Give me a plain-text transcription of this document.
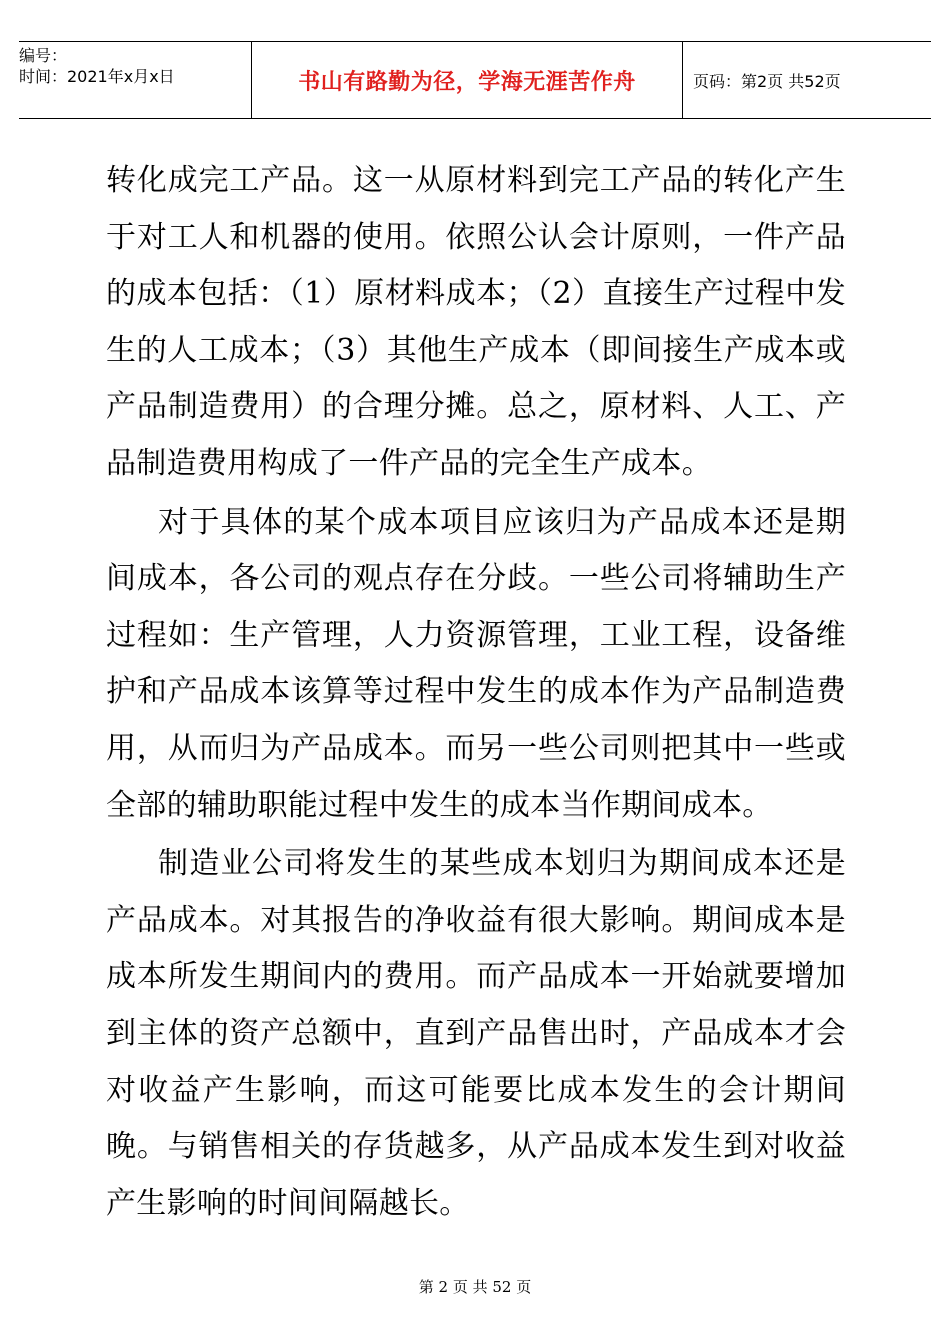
编号：
时间：2021年x月x日	书山有路勤为径，学海无涯苦作舟	页码：第2页 共52页

转化成完工产品。这一从原材料到完工产品的转化产生于对工人和机器的使用。依照公认会计原则，一件产品的成本包括：（1）原材料成本；（2）直接生产过程中发生的人工成本；（3）其他生产成本（即间接生产成本或产品制造费用）的合理分摊。总之，原材料、人工、产品制造费用构成了一件产品的完全生产成本。

对于具体的某个成本项目应该归为产品成本还是期间成本，各公司的观点存在分歧。一些公司将辅助生产过程如：生产管理，人力资源管理，工业工程，设备维护和产品成本该算等过程中发生的成本作为产品制造费用，从而归为产品成本。而另一些公司则把其中一些或全部的辅助职能过程中发生的成本当作期间成本。

制造业公司将发生的某些成本划归为期间成本还是产品成本。对其报告的净收益有很大影响。期间成本是成本所发生期间内的费用。而产品成本一开始就要增加到主体的资产总额中，直到产品售出时，产品成本才会对收益产生影响，而这可能要比成本发生的会计期间晚。与销售相关的存货越多，从产品成本发生到对收益产生影响的时间间隔越长。

第 2 页 共 52 页
